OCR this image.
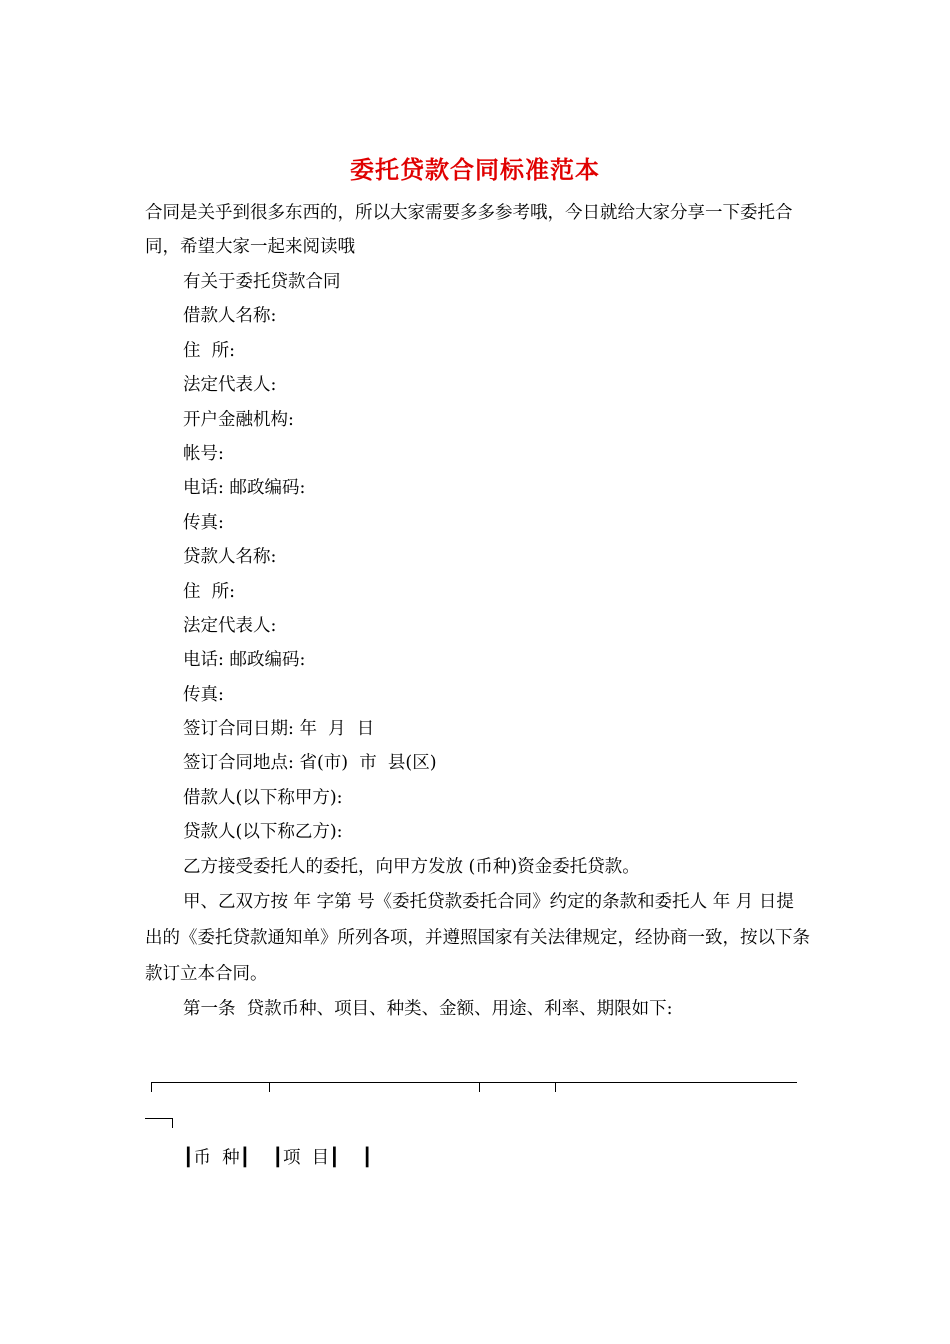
委托贷款合同标准范本
合同是关乎到很多东西的，所以大家需要多多参考哦，今日就给大家分享一下委托合同，希望大家一起来阅读哦
有关于委托贷款合同
借款人名称:
住  所:
法定代表人:
开户金融机构:
帐号:
电话: 邮政编码:
传真:
贷款人名称:
住  所:
法定代表人:
电话: 邮政编码:
传真:
签订合同日期: 年  月  日
签订合同地点: 省(市)  市  县(区)
借款人(以下称甲方):
贷款人(以下称乙方):
乙方接受委托人的委托，向甲方发放 (币种)资金委托贷款。

甲、乙双方按 年 字第 号《委托贷款委托合同》约定的条款和委托人 年 月 日提出的《委托贷款通知单》所列各项，并遵照国家有关法律规定，经协商一致，按以下条款订立本合同。

第一条  贷款币种、项目、种类、金额、用途、利率、期限如下:
┃币  种┃    ┃项  目┃    ┃
